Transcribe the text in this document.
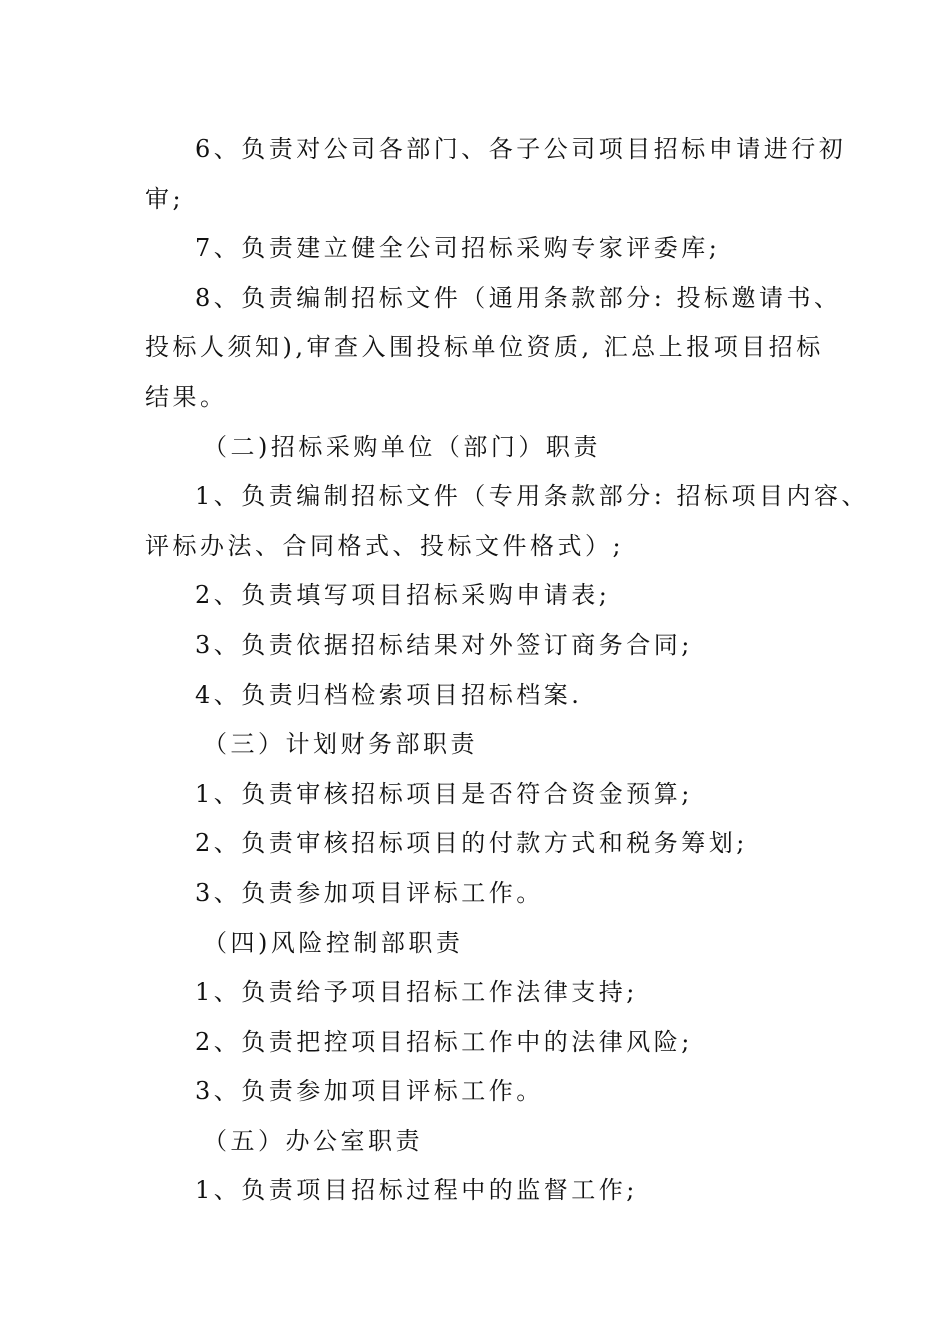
6、负责对公司各部门、各子公司项目招标申请进行初
审;
7、负责建立健全公司招标采购专家评委库;
8、负责编制招标文件（通用条款部分: 投标邀请书、
投标人须知),审查入围投标单位资质, 汇总上报项目招标
结果。
（二)招标采购单位（部门）职责
1、负责编制招标文件（专用条款部分: 招标项目内容、
评标办法、合同格式、投标文件格式）;
2、负责填写项目招标采购申请表;
3、负责依据招标结果对外签订商务合同;
4、负责归档检索项目招标档案.
（三）计划财务部职责
1、负责审核招标项目是否符合资金预算;
2、负责审核招标项目的付款方式和税务筹划;
3、负责参加项目评标工作。
（四)风险控制部职责
1、负责给予项目招标工作法律支持;
2、负责把控项目招标工作中的法律风险;
3、负责参加项目评标工作。
（五）办公室职责
1、负责项目招标过程中的监督工作;
